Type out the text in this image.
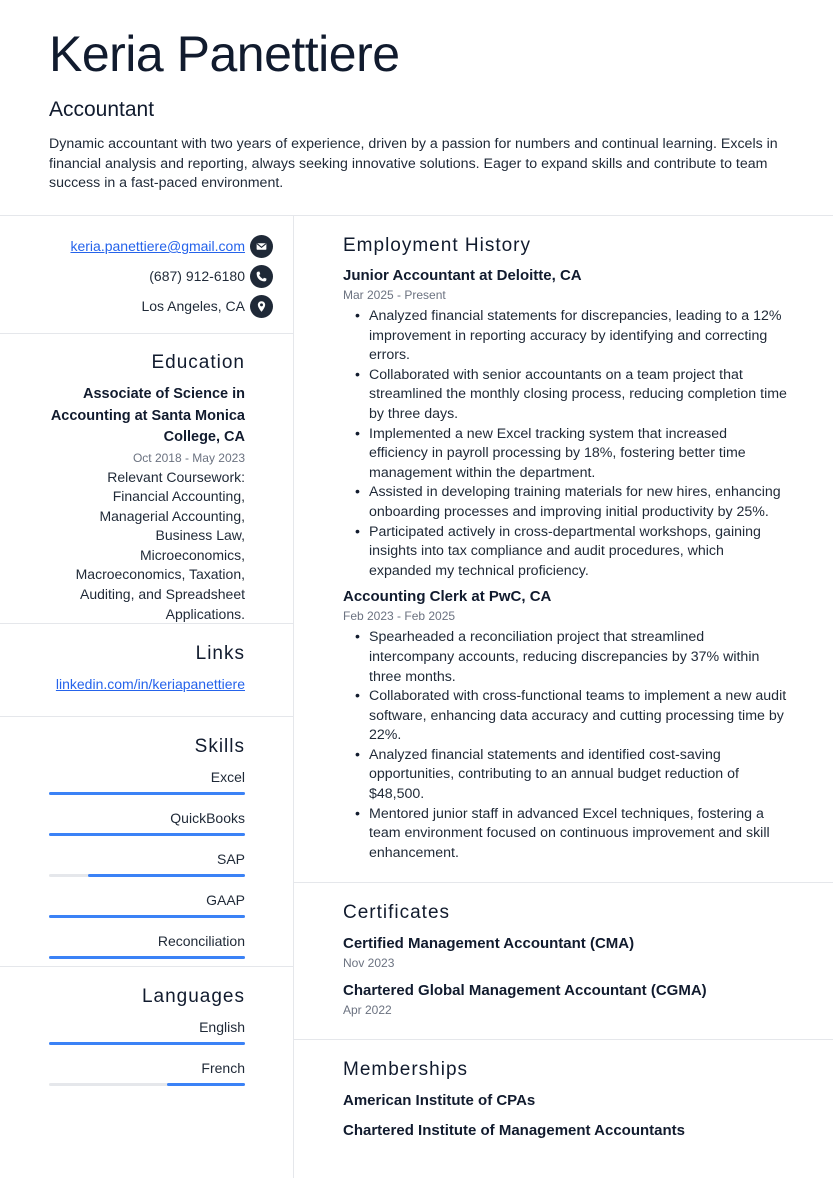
Keria Panettiere
Accountant
Dynamic accountant with two years of experience, driven by a passion for numbers and continual learning. Excels in financial analysis and reporting, always seeking innovative solutions. Eager to expand skills and contribute to team success in a fast-paced environment.
keria.panettiere@gmail.com
(687) 912-6180
Los Angeles, CA
Education
Associate of Science in Accounting at Santa Monica College, CA
Oct 2018 - May 2023
Relevant Coursework: Financial Accounting, Managerial Accounting, Business Law, Microeconomics, Macroeconomics, Taxation, Auditing, and Spreadsheet Applications.
Links
linkedin.com/in/keriapanettiere
Skills
Excel
QuickBooks
SAP
GAAP
Reconciliation
Languages
English
French
Employment History
Junior Accountant at Deloitte, CA
Mar 2025 - Present
• Analyzed financial statements for discrepancies, leading to a 12% improvement in reporting accuracy by identifying and correcting errors.
• Collaborated with senior accountants on a team project that streamlined the monthly closing process, reducing completion time by three days.
• Implemented a new Excel tracking system that increased efficiency in payroll processing by 18%, fostering better time management within the department.
• Assisted in developing training materials for new hires, enhancing onboarding processes and improving initial productivity by 25%.
• Participated actively in cross-departmental workshops, gaining insights into tax compliance and audit procedures, which expanded my technical proficiency.
Accounting Clerk at PwC, CA
Feb 2023 - Feb 2025
• Spearheaded a reconciliation project that streamlined intercompany accounts, reducing discrepancies by 37% within three months.
• Collaborated with cross-functional teams to implement a new audit software, enhancing data accuracy and cutting processing time by 22%.
• Analyzed financial statements and identified cost-saving opportunities, contributing to an annual budget reduction of $48,500.
• Mentored junior staff in advanced Excel techniques, fostering a team environment focused on continuous improvement and skill enhancement.
Certificates
Certified Management Accountant (CMA)
Nov 2023
Chartered Global Management Accountant (CGMA)
Apr 2022
Memberships
American Institute of CPAs
Chartered Institute of Management Accountants
